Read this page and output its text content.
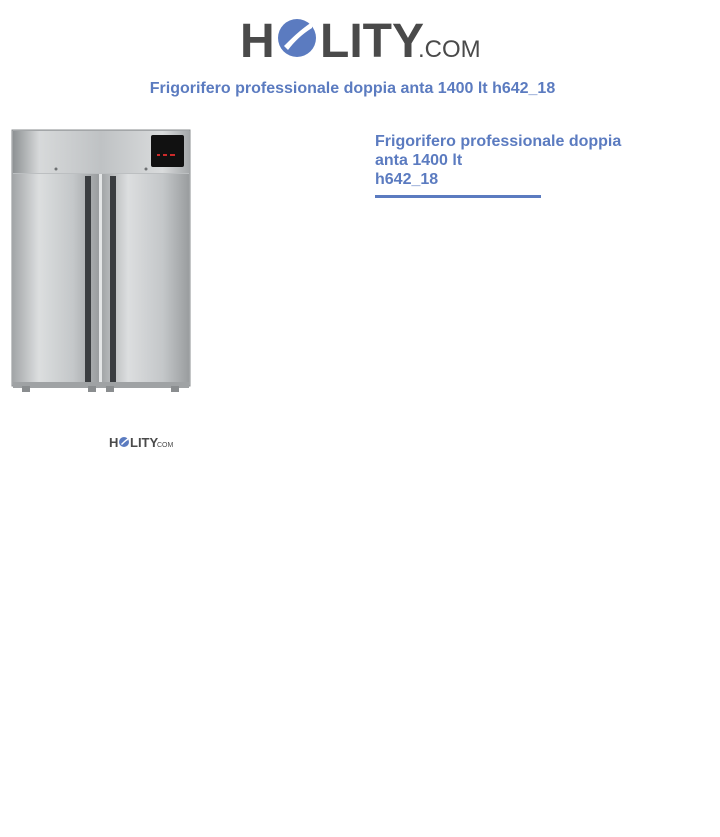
H LITY
.COM
Frigorifero professionale doppia anta 1400 lt h642_18
H LITY
COM
Frigorifero professionale doppia
anta 1400 lt
h642_18
